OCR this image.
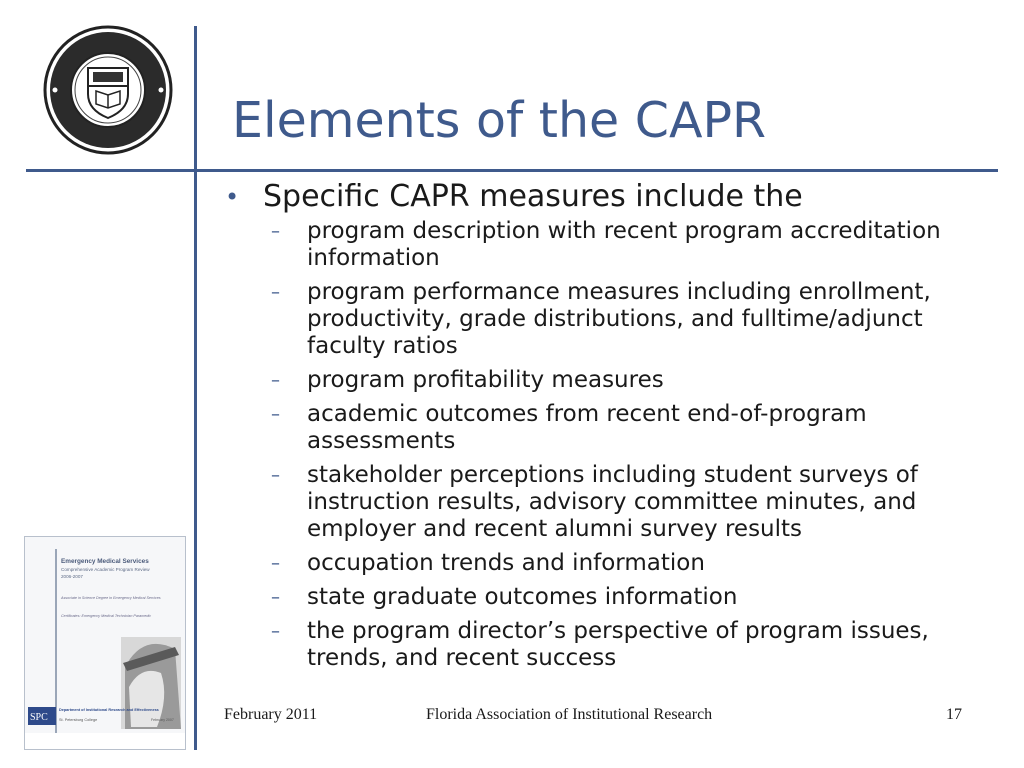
Elements of the CAPR
• Specific CAPR measures include the
–	program description with recent program accreditation information
–	program performance measures including enrollment, productivity, grade distributions, and fulltime/adjunct faculty ratios
–	program profitability measures
–	academic outcomes from recent end-of-program assessments
–	stakeholder perceptions including student surveys of instruction results, advisory committee minutes, and employer and recent alumni survey results
–	occupation trends and information
–	state graduate outcomes information
–	the program director’s perspective of program issues, trends, and recent success
Emergency Medical Services
Comprehensive Academic Program Review
2006-2007
Associate in Science Degree in Emergency Medical Services
Certificates: Emergency Medical Technician Paramedic
SPC
Department of Institutional Research and Effectiveness
St. Petersburg College	February 2007	February 2011	Florida Association of Institutional Research	17
